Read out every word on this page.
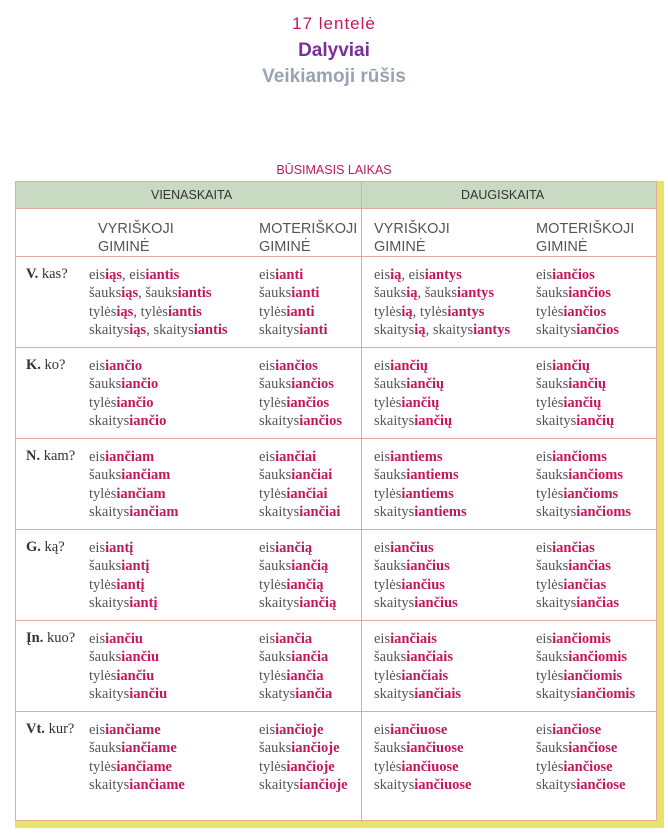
17 lentelė
Dalyviai
Veikiamoji rūšis
BŪSIMASIS LAIKAS
VIENASKAITA	DAUGISKAITA
VYRIŠKOJI
GIMINĖ
MOTERIŠKOJI
GIMINĖ
VYRIŠKOJI
GIMINĖ
MOTERIŠKOJI
GIMINĖ
V. kas? eisiąs, eisiantis
šauksiąs, šauksiantis
tylėsiąs, tylėsiantis
skaitysiąs, skaitysiantis
eisianti
šauksianti
tylėsianti
skaitysianti
eisią, eisiantys
šauksią, šauksiantys
tylėsią, tylėsiantys
skaitysią, skaitysiantys
eisiančios
šauksiančios
tylėsiančios
skaitysiančios
K. ko? eisiančio
šauksiančio
tylėsiančio
skaitysiančio
eisiančios
šauksiančios
tylėsiančios
skaitysiančios
eisiančių
šauksiančių
tylėsiančių
skaitysiančių
eisiančių
šauksiančių
tylėsiančių
skaitysiančių
N. kam? eisiančiam
šauksiančiam
tylėsiančiam
skaitysiančiam
eisiančiai
šauksiančiai
tylėsiančiai
skaitysiančiai
eisiantiems
šauksiantiems
tylėsiantiems
skaitysiantiems
eisiančioms
šauksiančioms
tylėsiančioms
skaitysiančioms
G. ką? eisiantį
šauksiantį
tylėsiantį
skaitysiantį
eisiančią
šauksiančią
tylėsiančią
skaitysiančią
eisiančius
šauksiančius
tylėsiančius
skaitysiančius
eisiančias
šauksiančias
tylėsiančias
skaitysiančias
Įn. kuo? eisiančiu
šauksiančiu
tylėsiančiu
skaitysiančiu
eisiančia
šauksiančia
tylėsiančia
skatysiančia
eisiančiais
šauksiančiais
tylėsiančiais
skaitysiančiais
eisiančiomis
šauksiančiomis
tylėsiančiomis
skaitysiančiomis
Vt. kur? eisiančiame
šauksiančiame
tylėsiančiame
skaitysiančiame
eisiančioje
šauksiančioje
tylėsiančioje
skaitysiančioje
eisiančiuose
šauksiančiuose
tylėsiančiuose
skaitysiančiuose
eisiančiose
šauksiančiose
tylėsiančiose
skaitysiančiose
